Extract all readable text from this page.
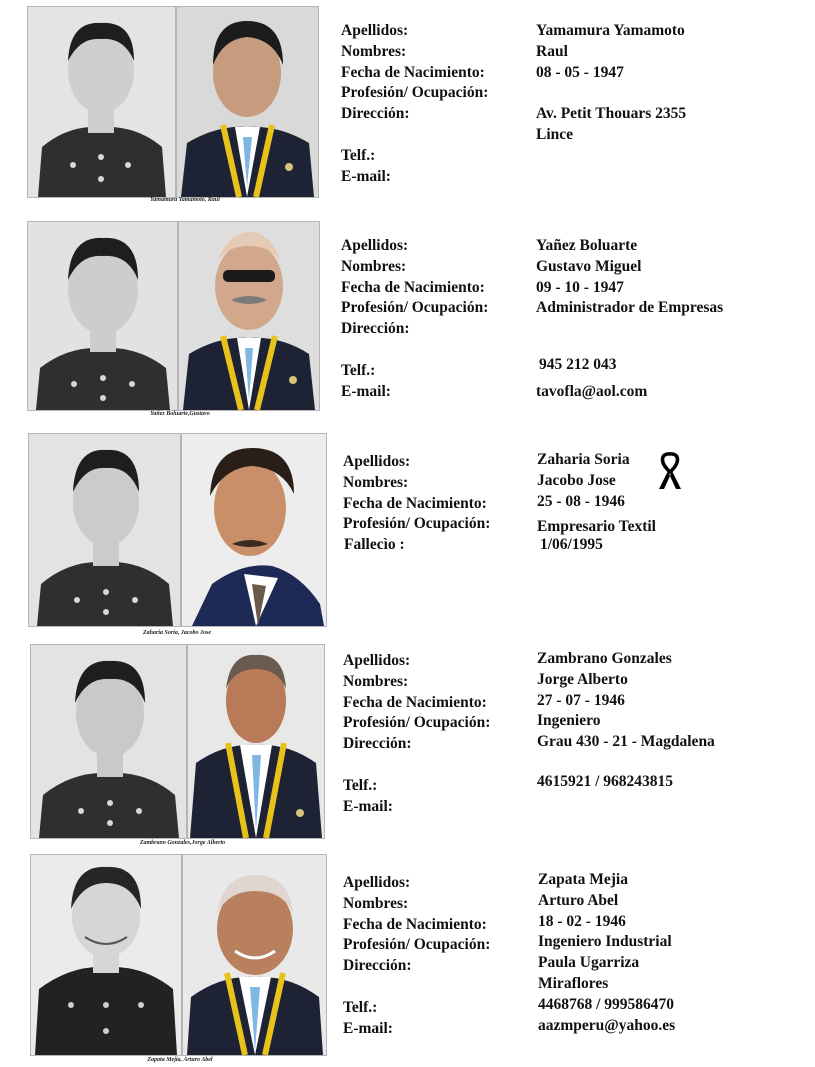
Yamamura Yamamoto, Raul
Apellidos:
Nombres:
Fecha de Nacimiento:
Profesión/ Ocupación:
Dirección:
Telf.:
E-mail:
Yamamura Yamamoto
Raul
08 - 05 - 1947
Av. Petit Thouars 2355
Lince
Yañez Boluarte,Gustavo
Apellidos:
Nombres:
Fecha de Nacimiento:
Profesión/ Ocupación:
Dirección:
Telf.:
E-mail:
Yañez Boluarte
Gustavo Miguel
09 - 10 - 1947
Administrador de Empresas
945 212 043
tavofla@aol.com
Zaharia Soria, Jacobo Jose
Apellidos:
Nombres:
Fecha de Nacimiento:
Profesión/ Ocupación:
Fallecìo :
Zaharia Soria
Jacobo Jose
25 - 08 - 1946
Empresario Textil
1/06/1995
Zambrano Gonzales,Jorge Alberto
Apellidos:
Nombres:
Fecha de Nacimiento:
Profesión/ Ocupación:
Dirección:
Telf.:
E-mail:
Zambrano Gonzales
Jorge Alberto
27 - 07 - 1946
Ingeniero
Grau 430 - 21 - Magdalena
4615921 / 968243815
Zapata Mejia, Arturo Abel
Apellidos:
Nombres:
Fecha de Nacimiento:
Profesión/ Ocupación:
Dirección:
Telf.:
E-mail:
Zapata Mejia
Arturo Abel
18 - 02 - 1946
Ingeniero Industrial
Paula Ugarriza
Miraflores
4468768 / 999586470
aazmperu@yahoo.es
